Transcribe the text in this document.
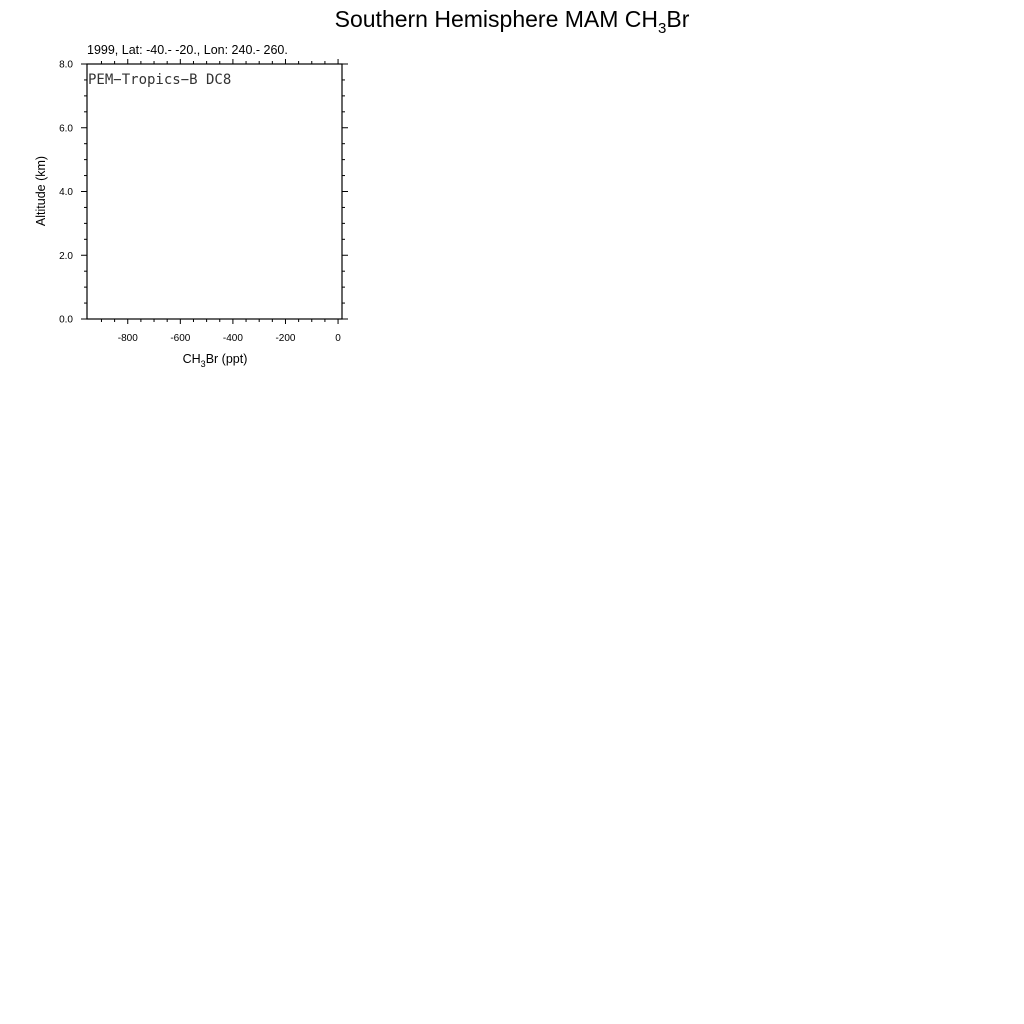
Southern Hemisphere MAM $CH_3Br$
1999, Lat: -40.- -20., Lon: 240.- 260.
PEM−Tropics−B DC8
-800	-600	-400	-200	0
0.0
2.0
4.0
6.0
8.0
$CH_3Br$ (ppt)
Altitude (km)
